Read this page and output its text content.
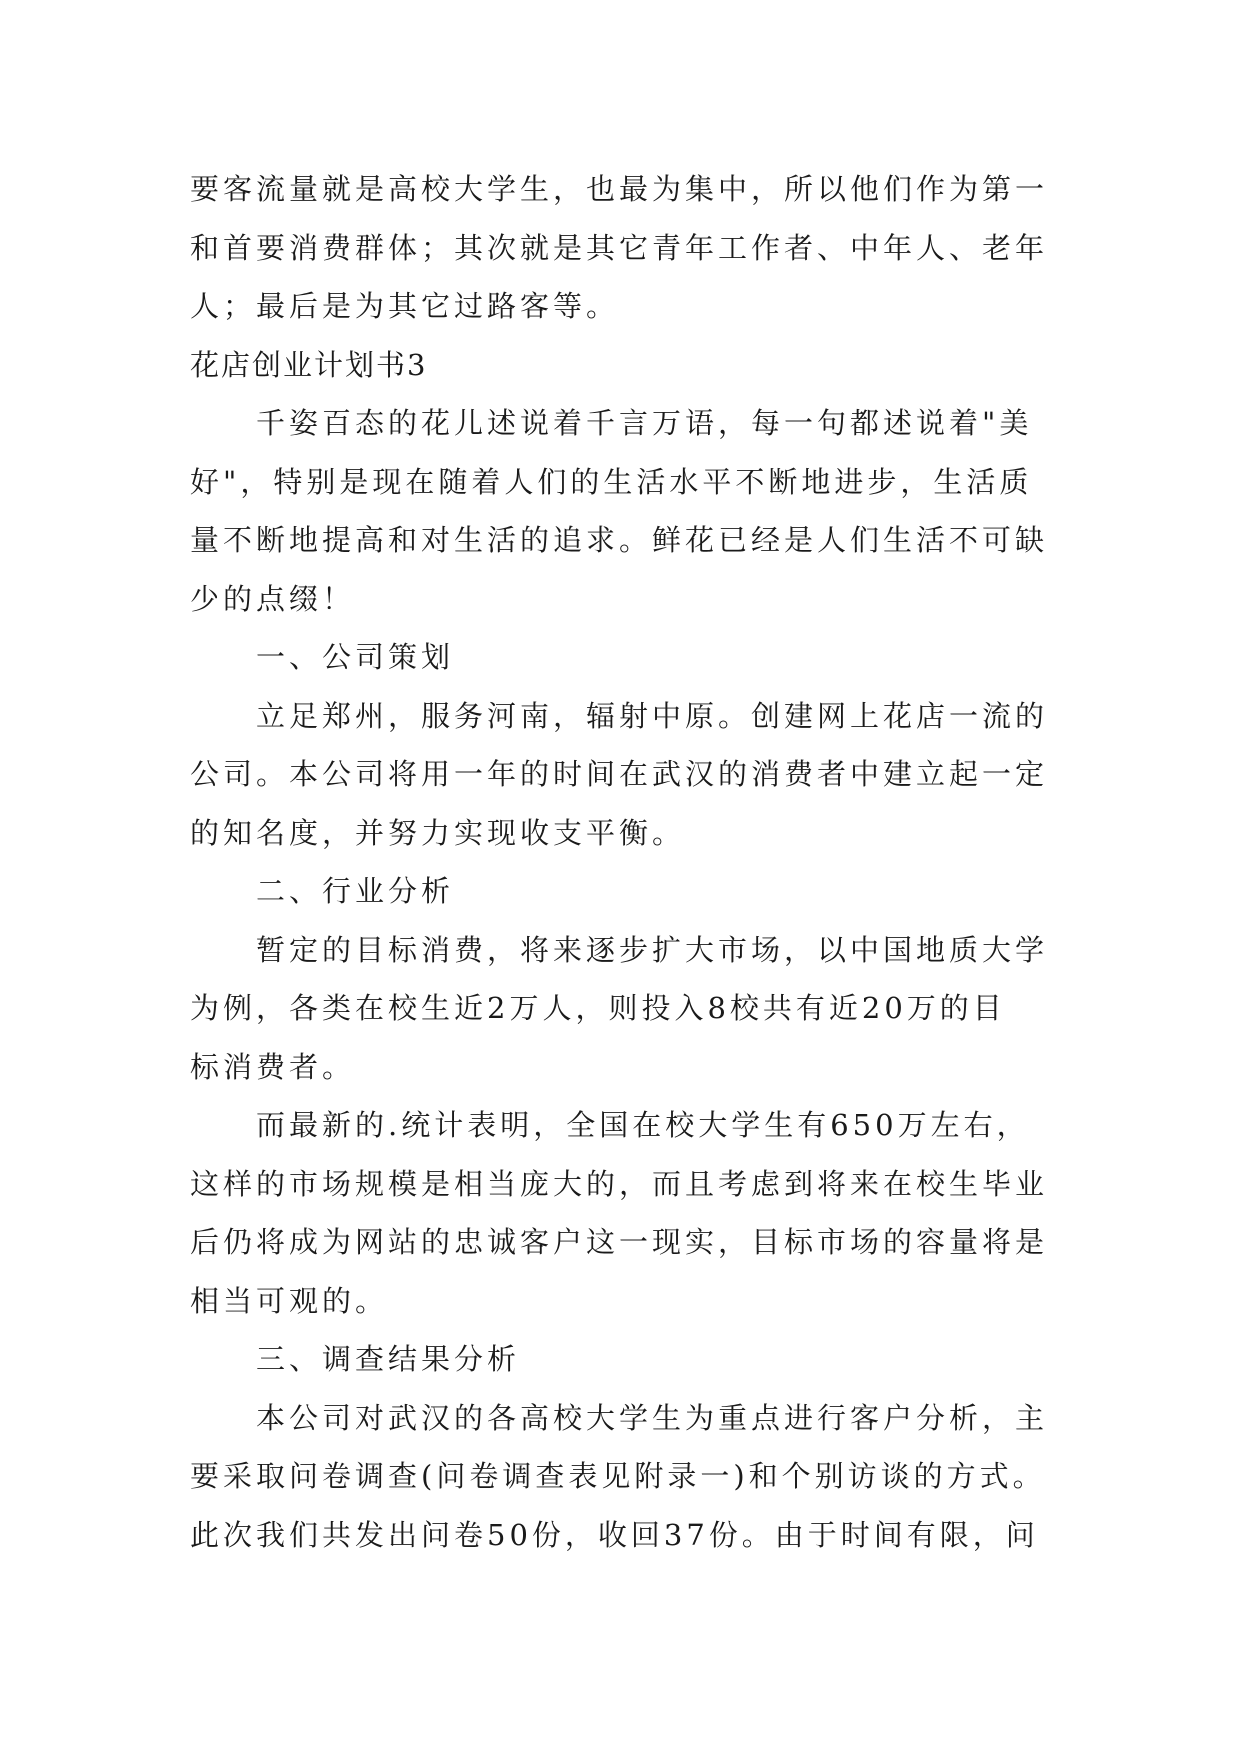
要客流量就是高校大学生，也最为集中，所以他们作为第一

和首要消费群体；其次就是其它青年工作者、中年人、老年

人；最后是为其它过路客等。

花店创业计划书3

千姿百态的花儿述说着千言万语，每一句都述说着"美

好"，特别是现在随着人们的生活水平不断地进步，生活质

量不断地提高和对生活的追求。鲜花已经是人们生活不可缺

少的点缀！

一、公司策划

立足郑州，服务河南，辐射中原。创建网上花店一流的

公司。本公司将用一年的时间在武汉的消费者中建立起一定

的知名度，并努力实现收支平衡。

二、行业分析

暂定的目标消费，将来逐步扩大市场，以中国地质大学

为例，各类在校生近2万人，则投入8校共有近20万的目

标消费者。

而最新的.统计表明，全国在校大学生有650万左右，

这样的市场规模是相当庞大的，而且考虑到将来在校生毕业

后仍将成为网站的忠诚客户这一现实，目标市场的容量将是

相当可观的。

三、调查结果分析

本公司对武汉的各高校大学生为重点进行客户分析，主

要采取问卷调查(问卷调查表见附录一)和个别访谈的方式。

此次我们共发出问卷50份，收回37份。由于时间有限，问
